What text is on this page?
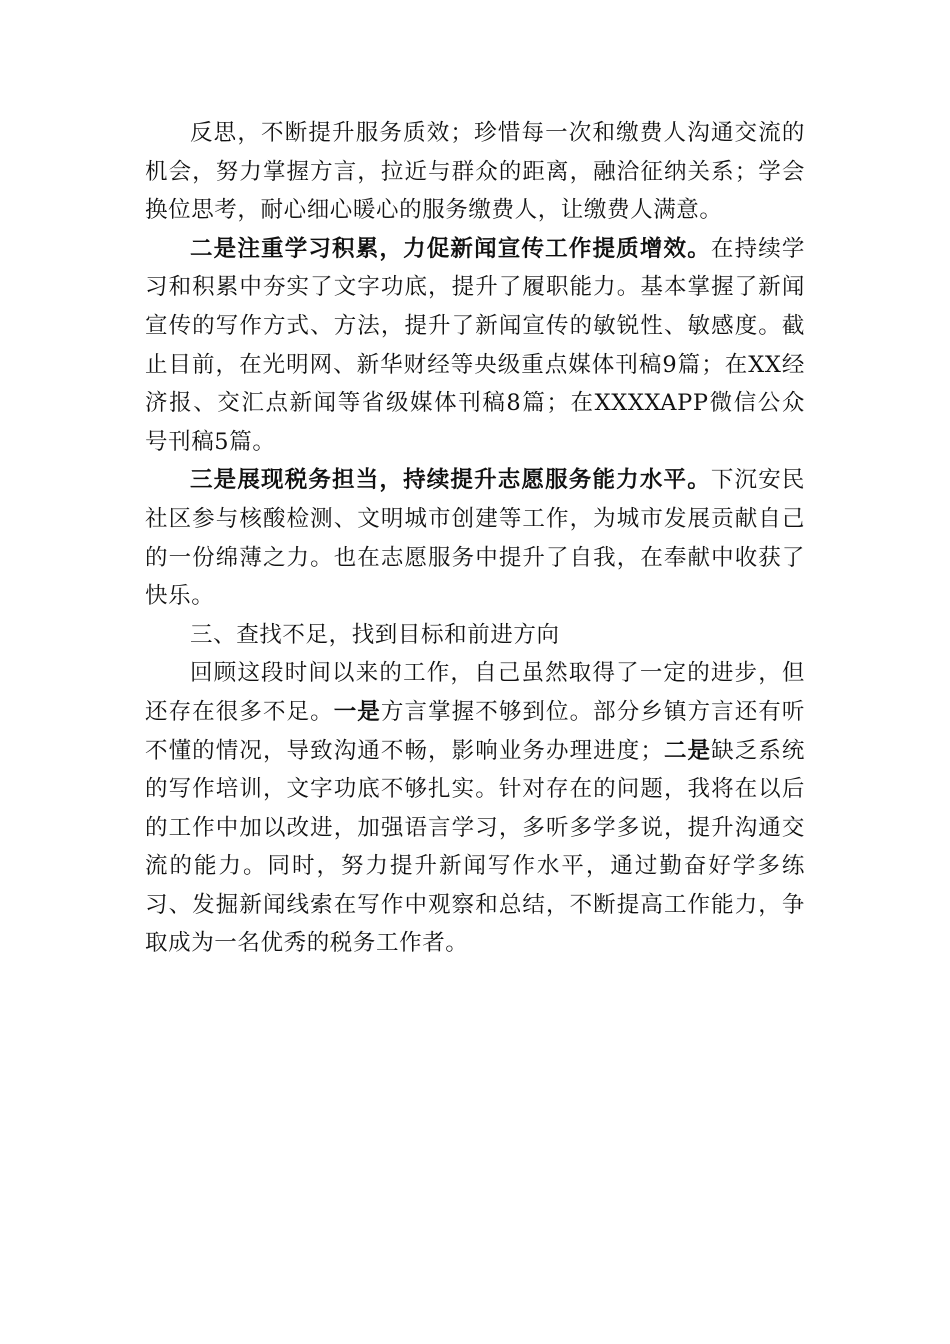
反思，不断提升服务质效；珍惜每一次和缴费人沟通交流的机会，努力掌握方言，拉近与群众的距离，融洽征纳关系；学会换位思考，耐心细心暖心的服务缴费人，让缴费人满意。

二是注重学习积累，力促新闻宣传工作提质增效。在持续学习和积累中夯实了文字功底，提升了履职能力。基本掌握了新闻宣传的写作方式、方法，提升了新闻宣传的敏锐性、敏感度。截止目前，在光明网、新华财经等央级重点媒体刊稿9篇；在XX经济报、交汇点新闻等省级媒体刊稿8篇；在XXXXAPP微信公众号刊稿5篇。

三是展现税务担当，持续提升志愿服务能力水平。下沉安民社区参与核酸检测、文明城市创建等工作，为城市发展贡献自己的一份绵薄之力。也在志愿服务中提升了自我，在奉献中收获了快乐。

三、查找不足，找到目标和前进方向

回顾这段时间以来的工作，自己虽然取得了一定的进步，但还存在很多不足。一是方言掌握不够到位。部分乡镇方言还有听不懂的情况，导致沟通不畅，影响业务办理进度；二是缺乏系统的写作培训，文字功底不够扎实。针对存在的问题，我将在以后的工作中加以改进，加强语言学习，多听多学多说，提升沟通交流的能力。同时，努力提升新闻写作水平，通过勤奋好学多练习、发掘新闻线索在写作中观察和总结，不断提高工作能力，争取成为一名优秀的税务工作者。
